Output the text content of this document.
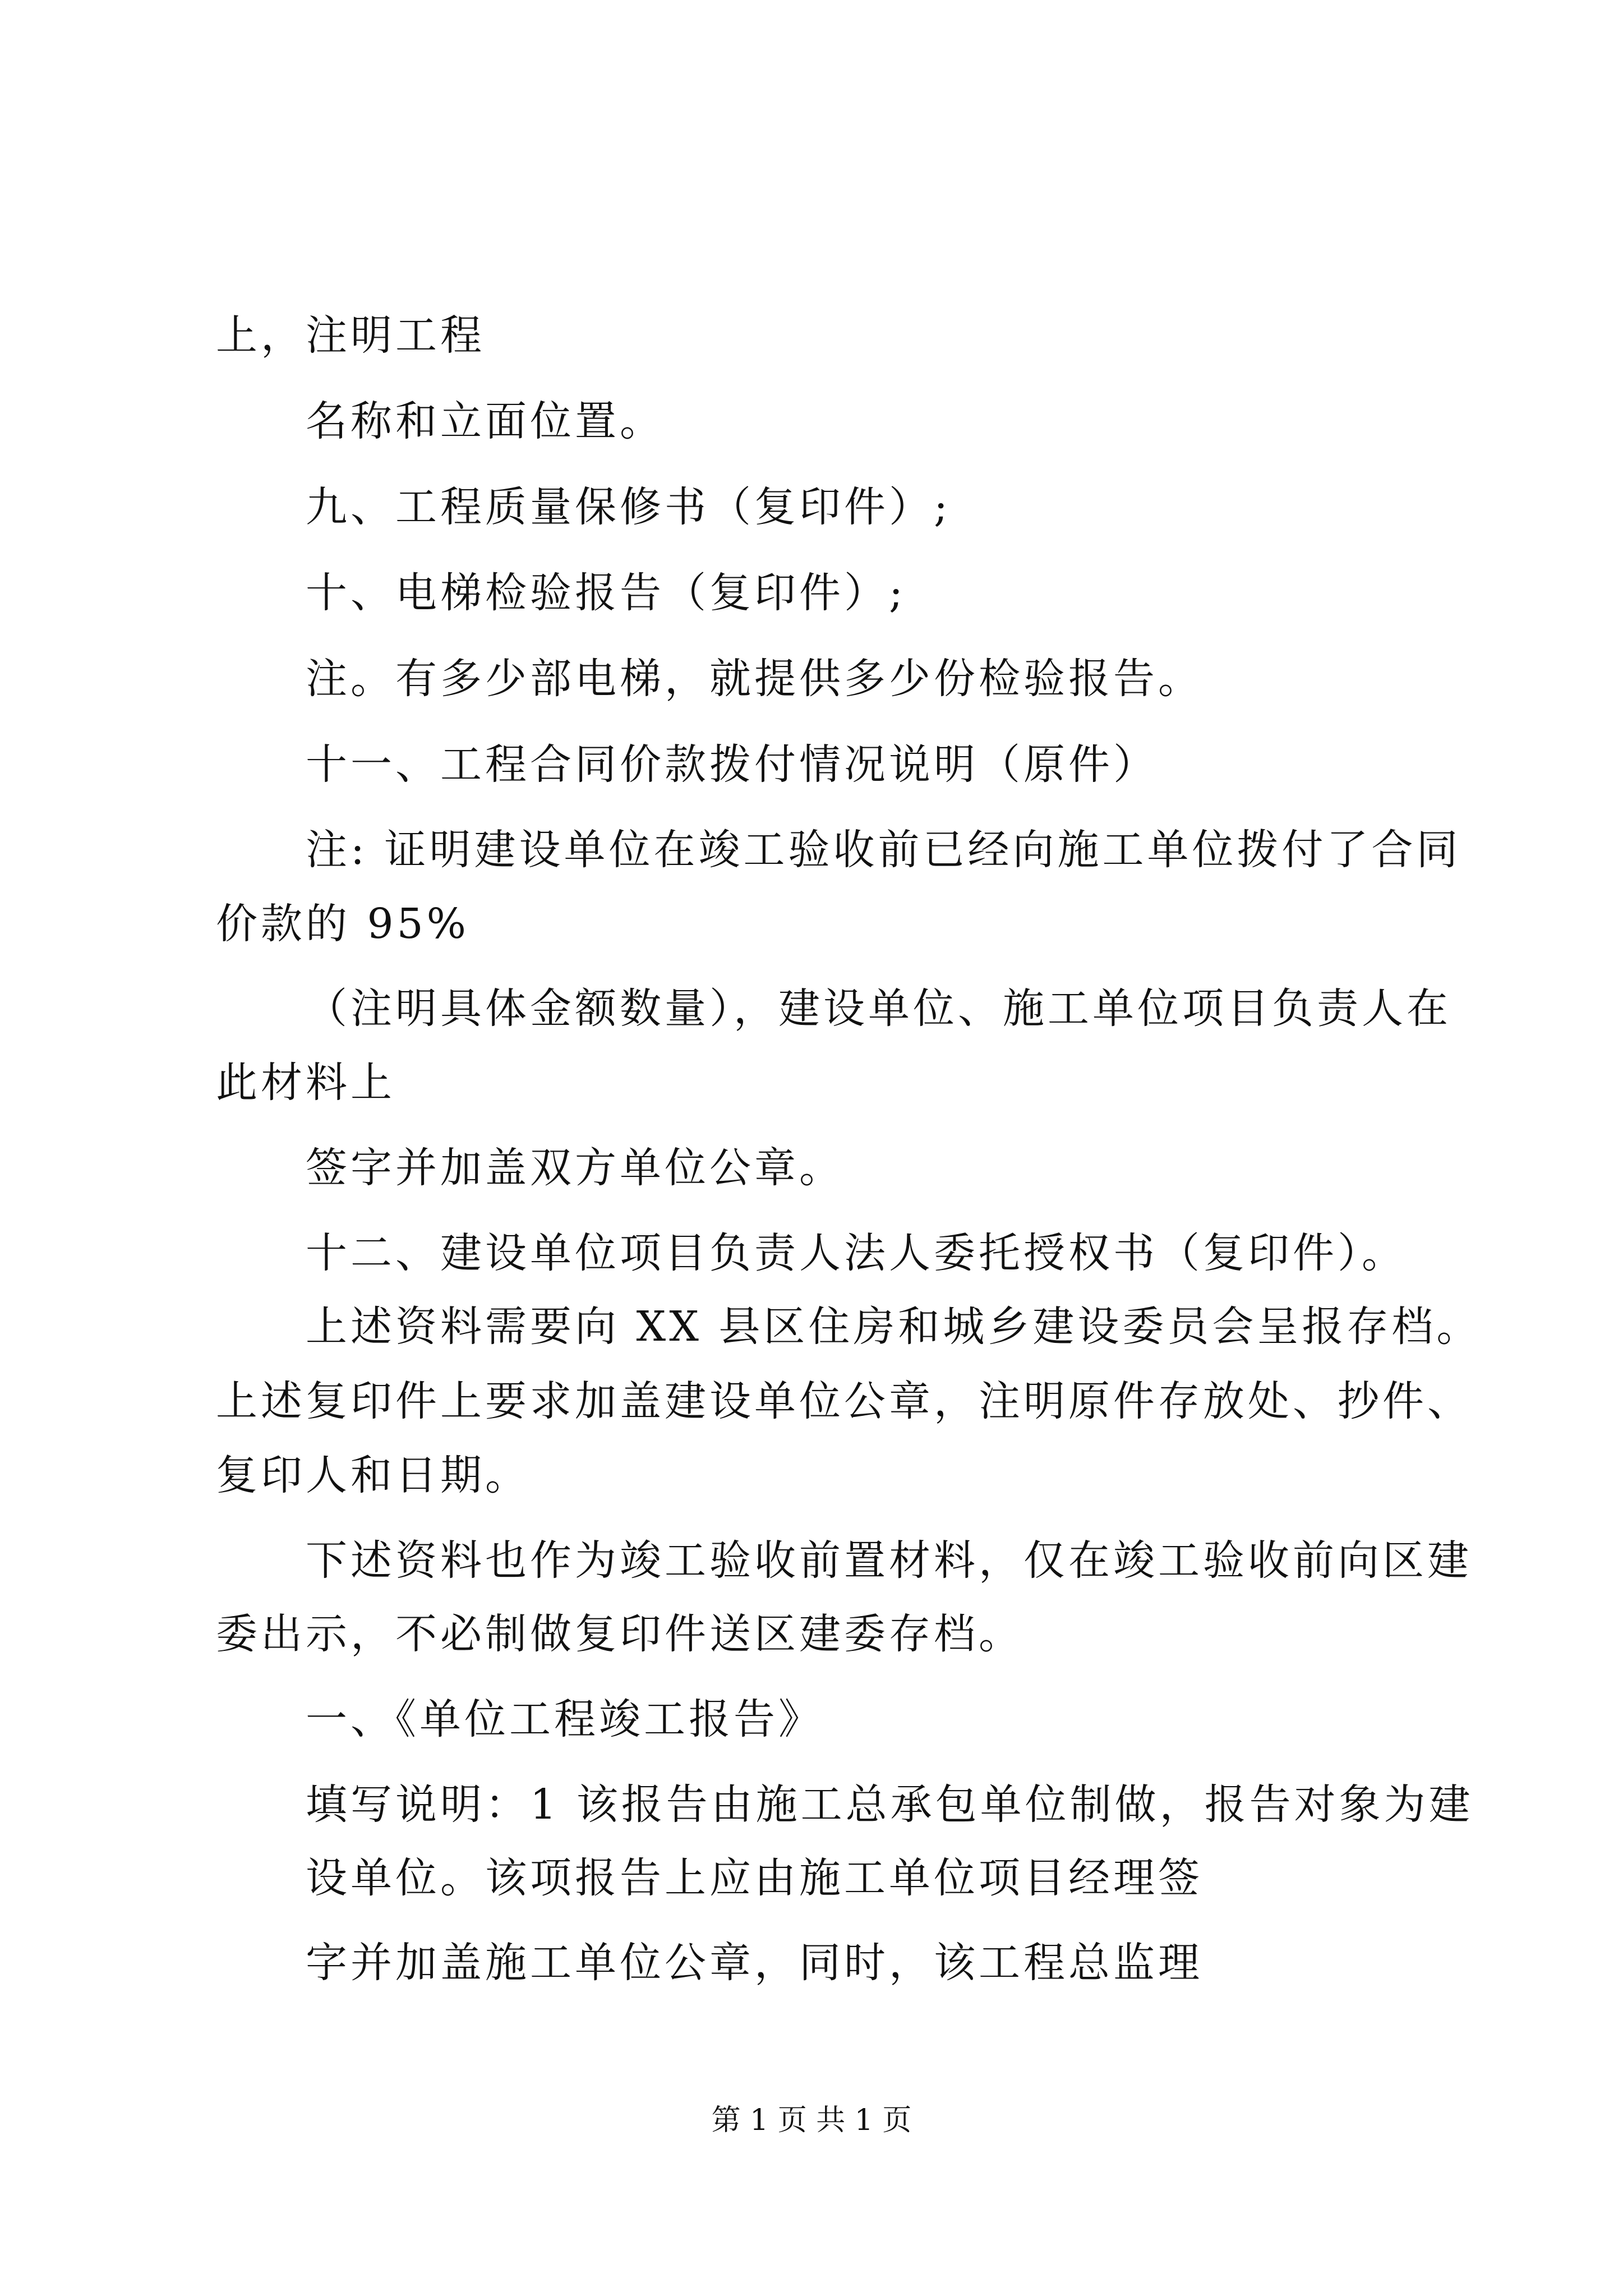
上，注明工程
名称和立面位置。
九、工程质量保修书（复印件）;
十、电梯检验报告（复印件）;
注。有多少部电梯，就提供多少份检验报告。
十一、工程合同价款拨付情况说明（原件）
注: 证明建设单位在竣工验收前已经向施工单位拨付了合同
价款的 95%
（注明具体金额数量），建设单位、施工单位项目负责人在
此材料上
签字并加盖双方单位公章。
十二、建设单位项目负责人法人委托授权书（复印件）。
上述资料需要向 XX 县区住房和城乡建设委员会呈报存档。
上述复印件上要求加盖建设单位公章，注明原件存放处、抄件、
复印人和日期。
下述资料也作为竣工验收前置材料，仅在竣工验收前向区建
委出示，不必制做复印件送区建委存档。
一、《单位工程竣工报告》
填写说明：1 该报告由施工总承包单位制做，报告对象为建
设单位。该项报告上应由施工单位项目经理签
字并加盖施工单位公章，同时，该工程总监理
第 1 页 共 1 页
